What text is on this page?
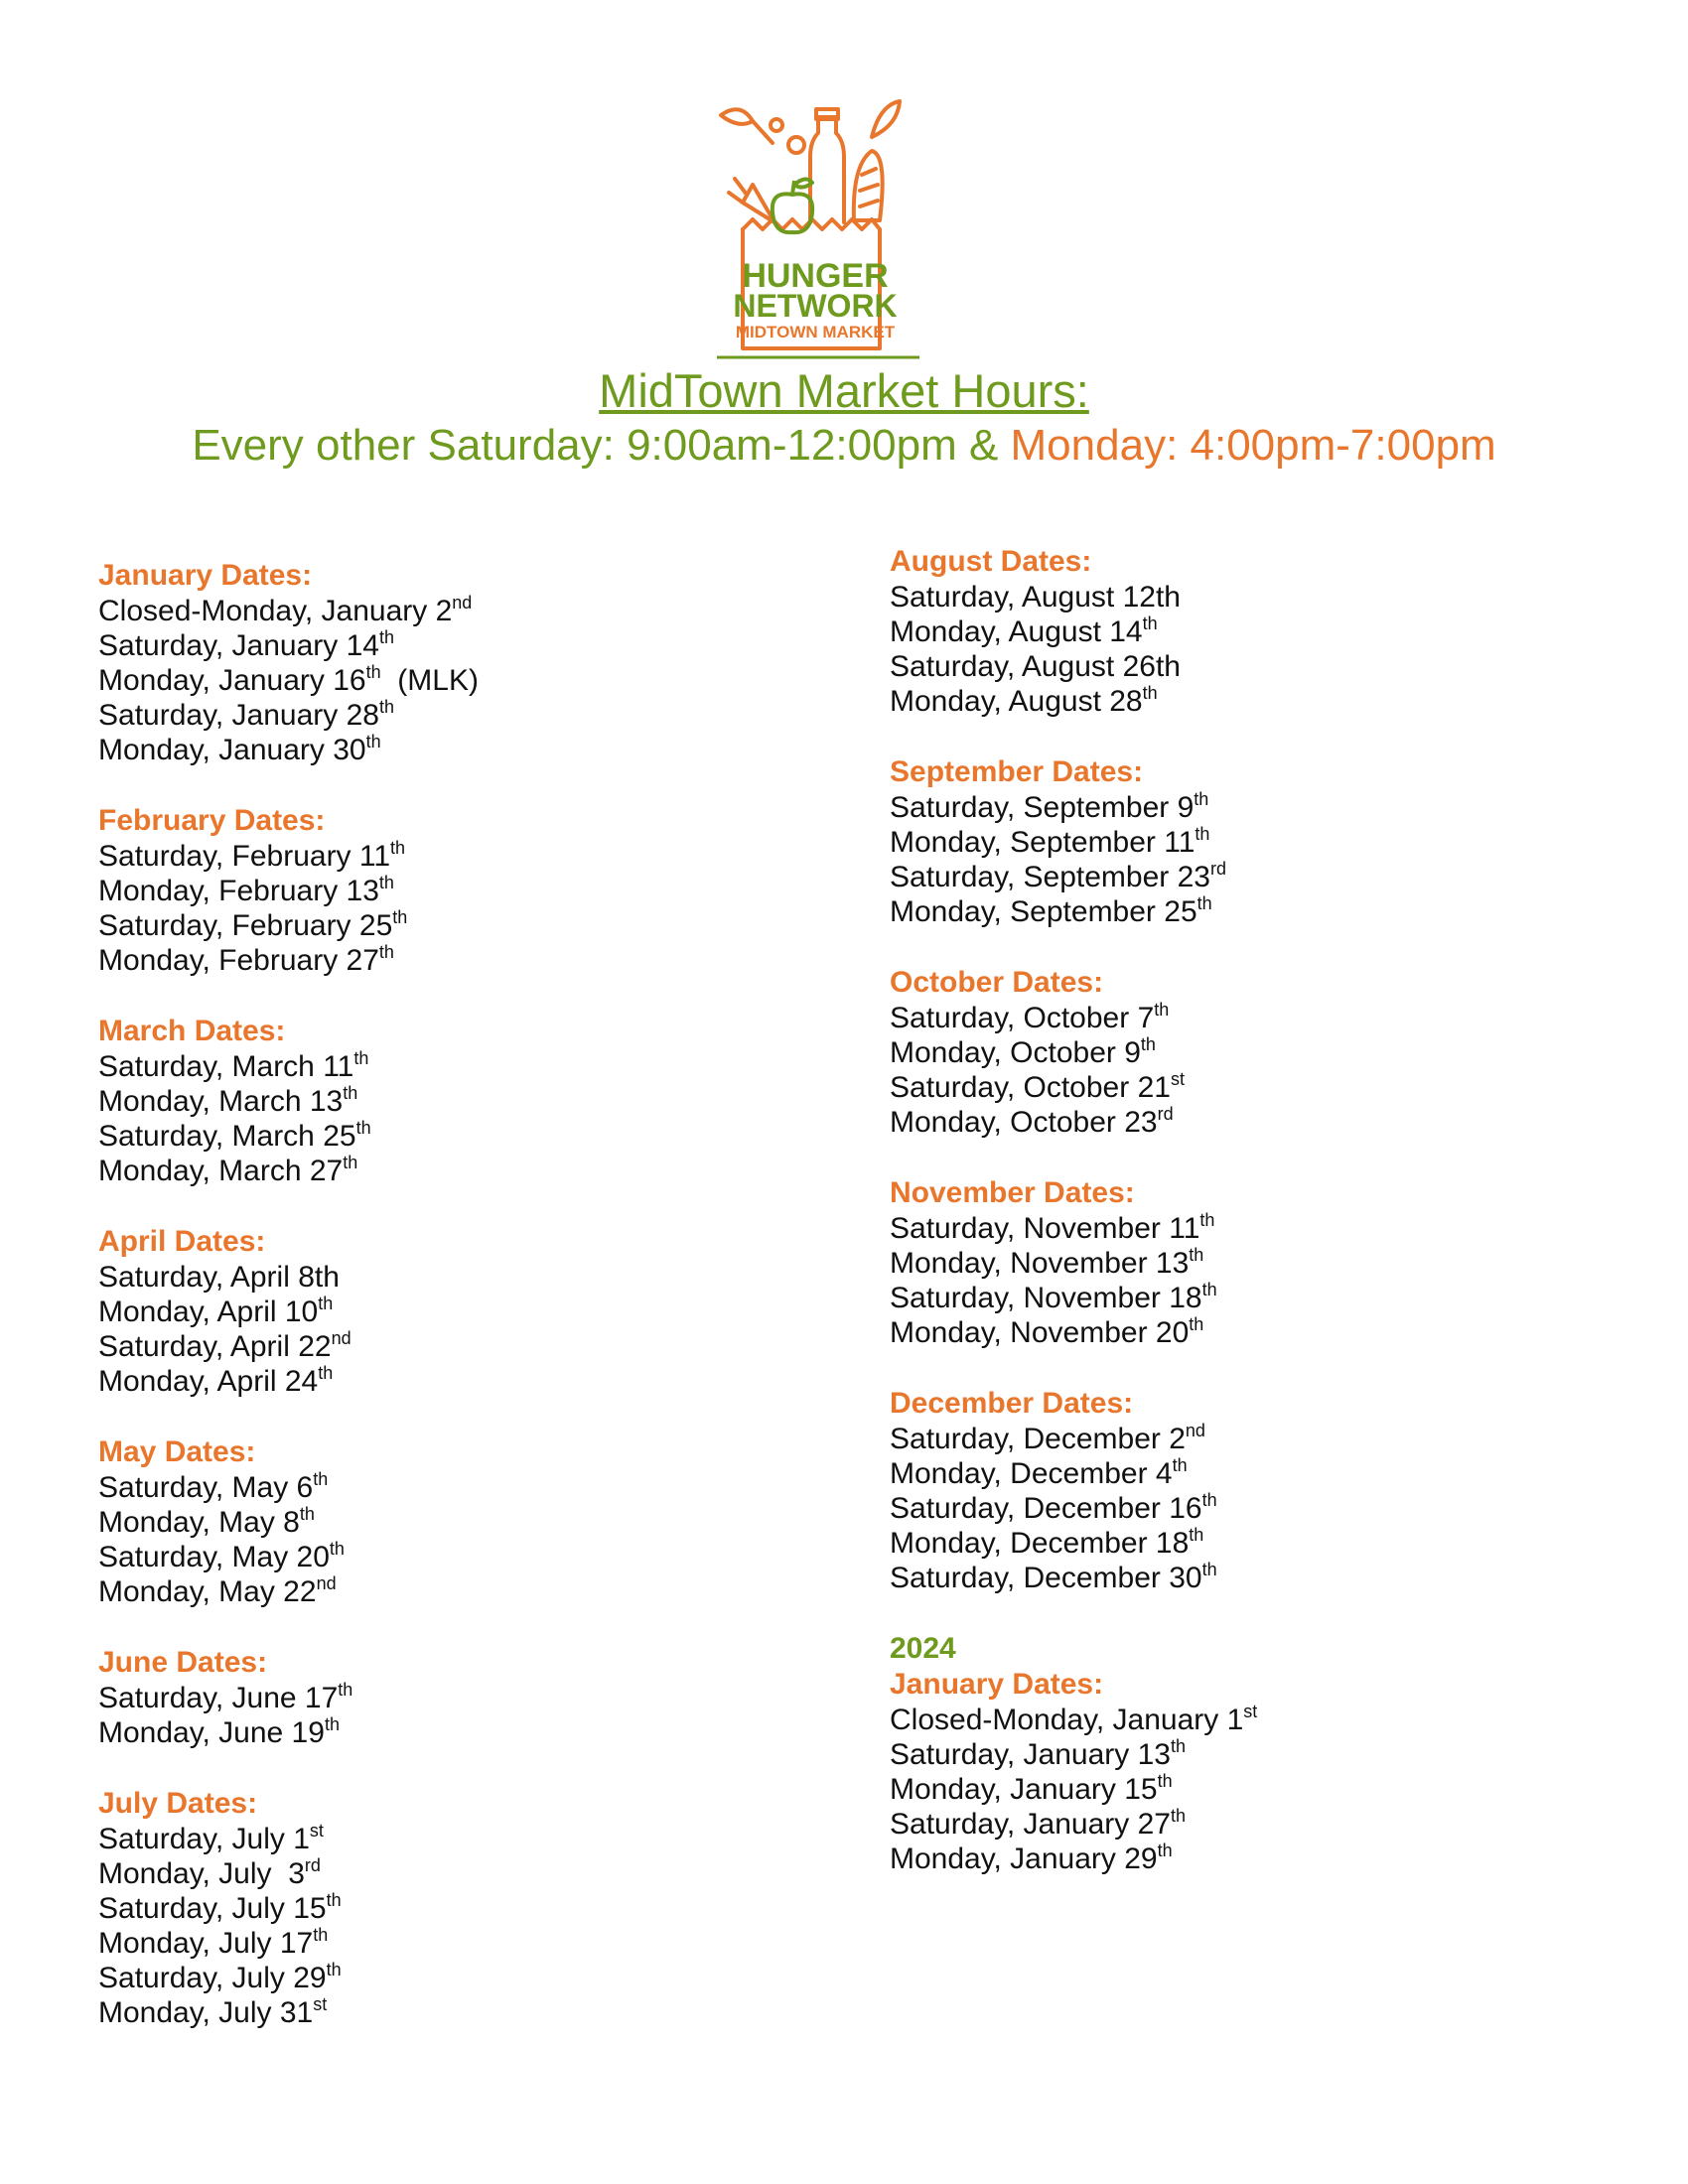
HUNGER
NETWORK
MIDTOWN MARKET
MidTown Market Hours:
Every other Saturday: 9:00am-12:00pm & Monday: 4:00pm-7:00pm
January Dates:
Closed-Monday, January 2nd
Saturday, January 14th
Monday, January 16th  (MLK)
Saturday, January 28th
Monday, January 30th
February Dates:
Saturday, February 11th
Monday, February 13th
Saturday, February 25th
Monday, February 27th
March Dates:
Saturday, March 11th
Monday, March 13th
Saturday, March 25th
Monday, March 27th
April Dates:
Saturday, April 8th
Monday, April 10th
Saturday, April 22nd
Monday, April 24th
May Dates:
Saturday, May 6th
Monday, May 8th
Saturday, May 20th
Monday, May 22nd
June Dates:
Saturday, June 17th
Monday, June 19th
July Dates:
Saturday, July 1st
Monday, July  3rd
Saturday, July 15th
Monday, July 17th
Saturday, July 29th
Monday, July 31st
August Dates:
Saturday, August 12th
Monday, August 14th
Saturday, August 26th
Monday, August 28th
September Dates:
Saturday, September 9th
Monday, September 11th
Saturday, September 23rd
Monday, September 25th
October Dates:
Saturday, October 7th
Monday, October 9th
Saturday, October 21st
Monday, October 23rd
November Dates:
Saturday, November 11th
Monday, November 13th
Saturday, November 18th
Monday, November 20th
December Dates:
Saturday, December 2nd
Monday, December 4th
Saturday, December 16th
Monday, December 18th
Saturday, December 30th
2024
January Dates:
Closed-Monday, January 1st
Saturday, January 13th
Monday, January 15th
Saturday, January 27th
Monday, January 29th
